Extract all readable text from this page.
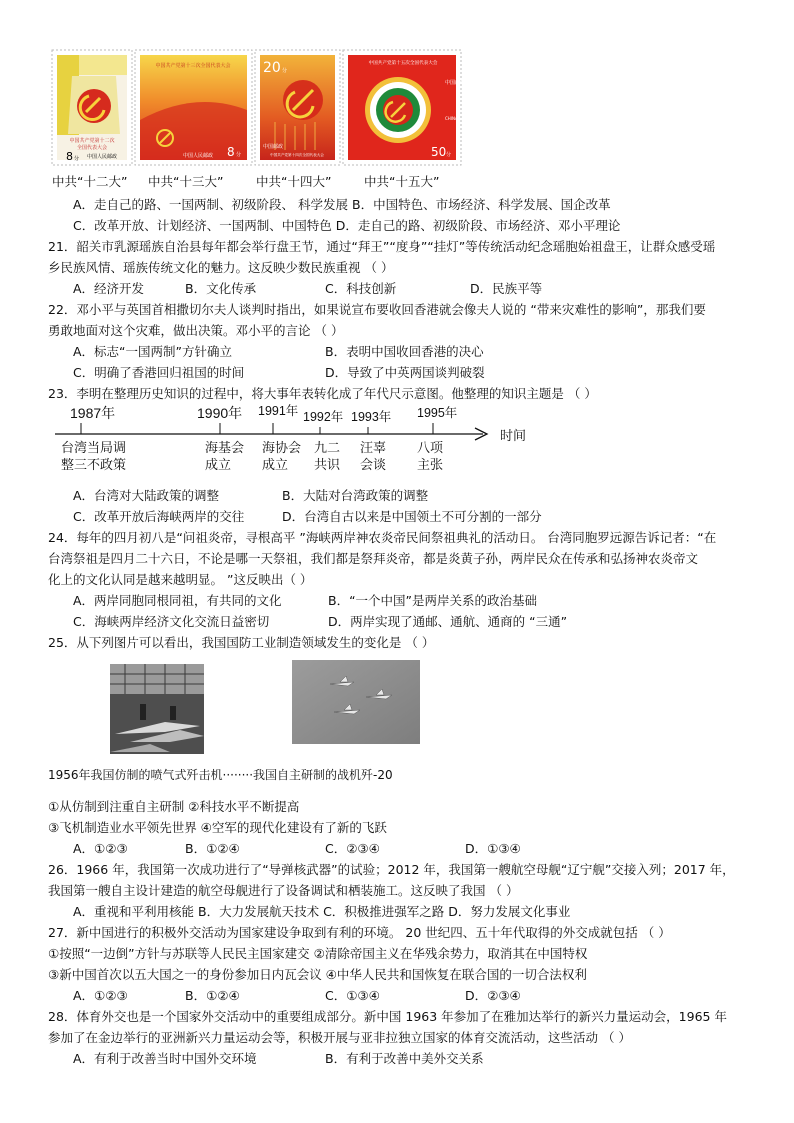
中国共产党第十二次
全国代表大会
8 分 中国人民邮政
中国共产党第十三次全国代表大会
中国人民邮政 8 分
20 分
中国邮政
中国共产党第十四次全国代表大会
中国共产党第十五次全国代表大会
中国邮政
CHINA
50 分
中共“十二大” 中共“十三大”	中共“十四大”	中共“十五大”
A．走自己的路、一国两制、初级阶段、 科学发展 B．中国特色、市场经济、科学发展、国企改革
C．改革开放、计划经济、一国两制、中国特色 D．走自己的路、初级阶段、市场经济、邓小平理论
21．韶关市乳源瑶族自治县每年都会举行盘王节，通过“拜王”“度身”“挂灯”等传统活动纪念瑶胞始祖盘王，让群众感受瑶
乡民族风情、瑶族传统文化的魅力。这反映少数民族重视 （ ）
A．经济开发	B．文化传承	C．科技创新	D．民族平等
22．邓小平与英国首相撒切尔夫人谈判时指出，如果说宣布要收回香港就会像夫人说的 “带来灾难性的影响”，那我们要
勇敢地面对这个灾难，做出决策。邓小平的言论 （ ）
A．标志“一国两制”方针确立	B．表明中国收回香港的决心
C．明确了香港回归祖国的时间	D．导致了中英两国谈判破裂
23．李明在整理历史知识的过程中，将大事年表转化成了年代尺示意图。他整理的知识主题是 （ ）
1987年	1990年 1991年 1992年 1993年 1995年
时间
台湾当局调
整三不政策
海基会
成立
海协会
成立
九二
共识
汪辜
会谈
八项
主张
A．台湾对大陆政策的调整	B．大陆对台湾政策的调整
C．改革开放后海峡两岸的交往	D．台湾自古以来是中国领土不可分割的一部分
24．每年的四月初八是“问祖炎帝，寻根高平 ”海峡两岸神农炎帝民间祭祖典礼的活动日。 台湾同胞罗远源告诉记者：“在
台湾祭祖是四月二十六日，不论是哪一天祭祖，我们都是祭拜炎帝，都是炎黄子孙，两岸民众在传承和弘扬神农炎帝文
化上的文化认同是越来越明显。 ”这反映出（ ）
A．两岸同胞同根同祖，有共同的文化	B．“一个中国”是两岸关系的政治基础
C．海峡两岸经济文化交流日益密切	D．两岸实现了通邮、通航、通商的 “三通”
25．从下列图片可以看出，我国国防工业制造领域发生的变化是 （ ）
1956年我国仿制的喷气式歼击机········我国自主研制的战机歼-20
①从仿制到注重自主研制 ②科技水平不断提高
③飞机制造业水平领先世界 ④空军的现代化建设有了新的飞跃
A．①②③	B．①②④	C．②③④	D．①③④
26．1966 年，我国第一次成功进行了“导弹核武器”的试验；2012 年，我国第一艘航空母舰“辽宁舰”交接入列；2017 年，
我国第一艘自主设计建造的航空母舰进行了设备调试和栖装施工。这反映了我国 （ ）
A．重视和平利用核能 B．大力发展航天技术 C．积极推进强军之路 D．努力发展文化事业
27．新中国进行的积极外交活动为国家建设争取到有利的环境。 20 世纪四、五十年代取得的外交成就包括 （ ）
①按照“一边倒”方针与苏联等人民民主国家建交 ②清除帝国主义在华残余势力，取消其在中国特权
③新中国首次以五大国之一的身份参加日内瓦会议 ④中华人民共和国恢复在联合国的一切合法权利
A．①②③	B．①②④	C．①③④	D．②③④
28．体育外交也是一个国家外交活动中的重要组成部分。新中国 1963 年参加了在雅加达举行的新兴力量运动会，1965 年
参加了在金边举行的亚洲新兴力量运动会等，积极开展与亚非拉独立国家的体育交流活动，这些活动 （ ）
A．有利于改善当时中国外交环境	B．有利于改善中美外交关系
